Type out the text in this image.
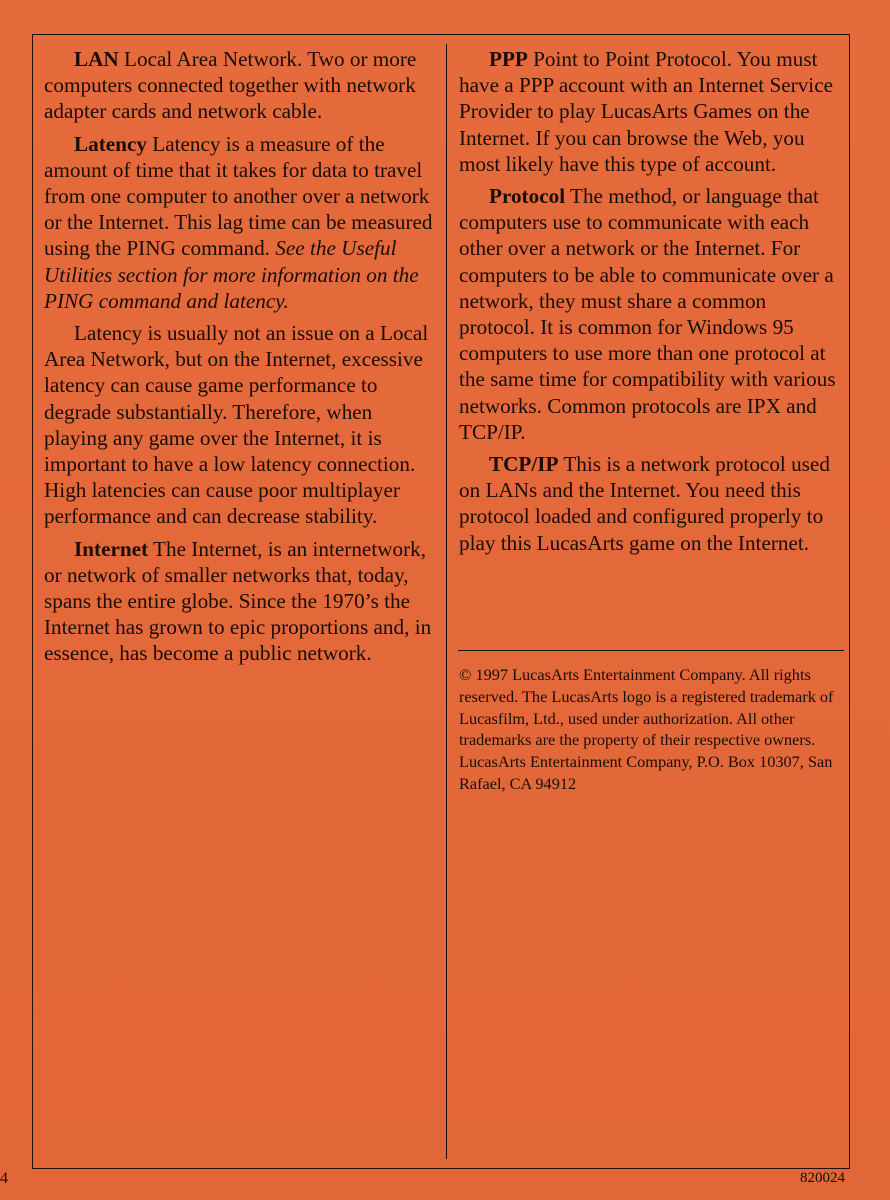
LAN Local Area Network. Two or more computers connected together with network adapter cards and network cable.

Latency Latency is a measure of the amount of time that it takes for data to travel from one computer to another over a network or the Internet. This lag time can be measured using the PING command. See the Useful Utilities section for more information on the PING command and latency.

Latency is usually not an issue on a Local Area Network, but on the Internet, excessive latency can cause game performance to degrade substantially. Therefore, when playing any game over the Internet, it is important to have a low latency connection. High latencies can cause poor multiplayer performance and can decrease stability.

Internet The Internet, is an internetwork, or network of smaller networks that, today, spans the entire globe. Since the 1970’s the Internet has grown to epic proportions and, in essence, has become a public network.

PPP Point to Point Protocol. You must have a PPP account with an Internet Service Provider to play LucasArts Games on the Internet. If you can browse the Web, you most likely have this type of account.

Protocol The method, or language that computers use to communicate with each other over a network or the Internet. For computers to be able to communicate over a network, they must share a common protocol. It is common for Windows 95 computers to use more than one protocol at the same time for compatibility with various networks. Common protocols are IPX and TCP/IP.

TCP/IP This is a network protocol used on LANs and the Internet. You need this protocol loaded and configured properly to play this LucasArts game on the Internet.

© 1997 LucasArts Entertainment Company. All rights reserved. The LucasArts logo is a registered trademark of Lucasfilm, Ltd., used under authorization. All other trademarks are the property of their respective owners. LucasArts Entertainment Company, P.O. Box 10307, San Rafael, CA 94912
4	820024
